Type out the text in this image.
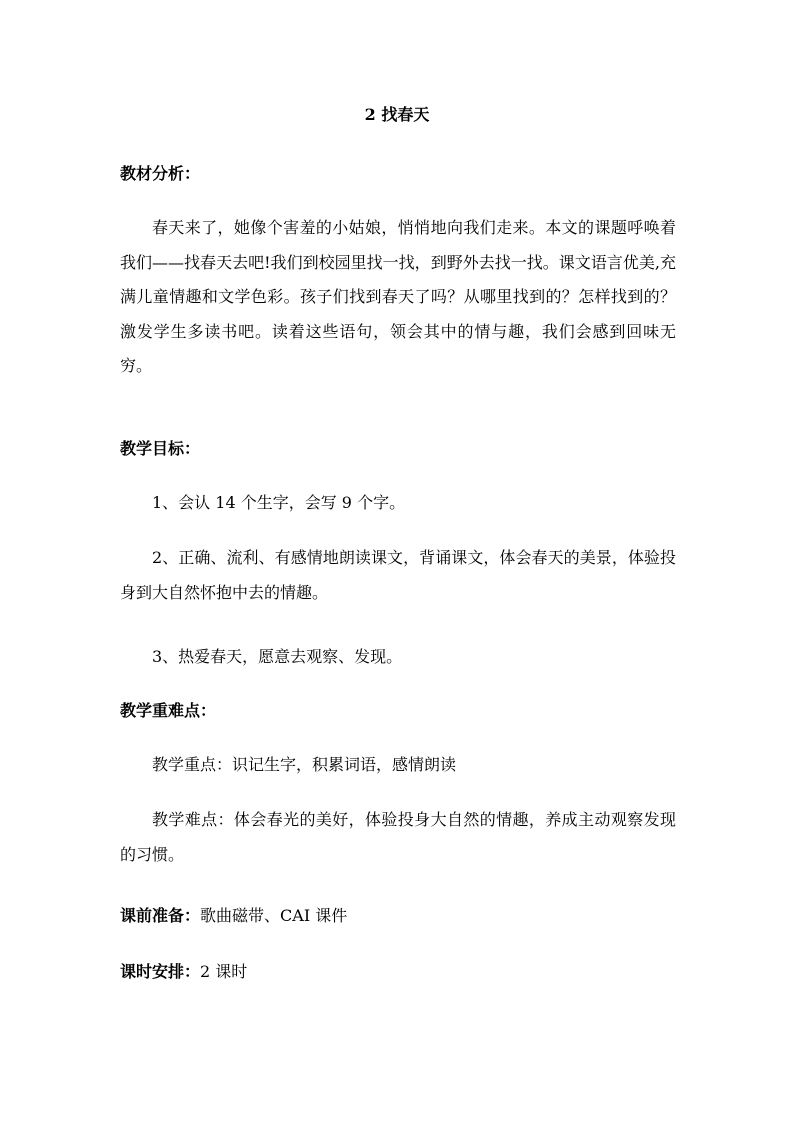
2 找春天
教材分析：
春天来了，她像个害羞的小姑娘，悄悄地向我们走来。本文的课题呼唤着我们——找春天去吧!我们到校园里找一找，到野外去找一找。课文语言优美,充满儿童情趣和文学色彩。孩子们找到春天了吗？从哪里找到的？怎样找到的？激发学生多读书吧。读着这些语句，领会其中的情与趣，我们会感到回味无穷。
教学目标：
1、会认 14 个生字，会写 9 个字。
2、正确、流利、有感情地朗读课文，背诵课文，体会春天的美景，体验投身到大自然怀抱中去的情趣。
3、热爱春天，愿意去观察、发现。
教学重难点：
教学重点：识记生字，积累词语，感情朗读
教学难点：体会春光的美好，体验投身大自然的情趣，养成主动观察发现的习惯。
课前准备：歌曲磁带、CAI 课件
课时安排：2 课时
